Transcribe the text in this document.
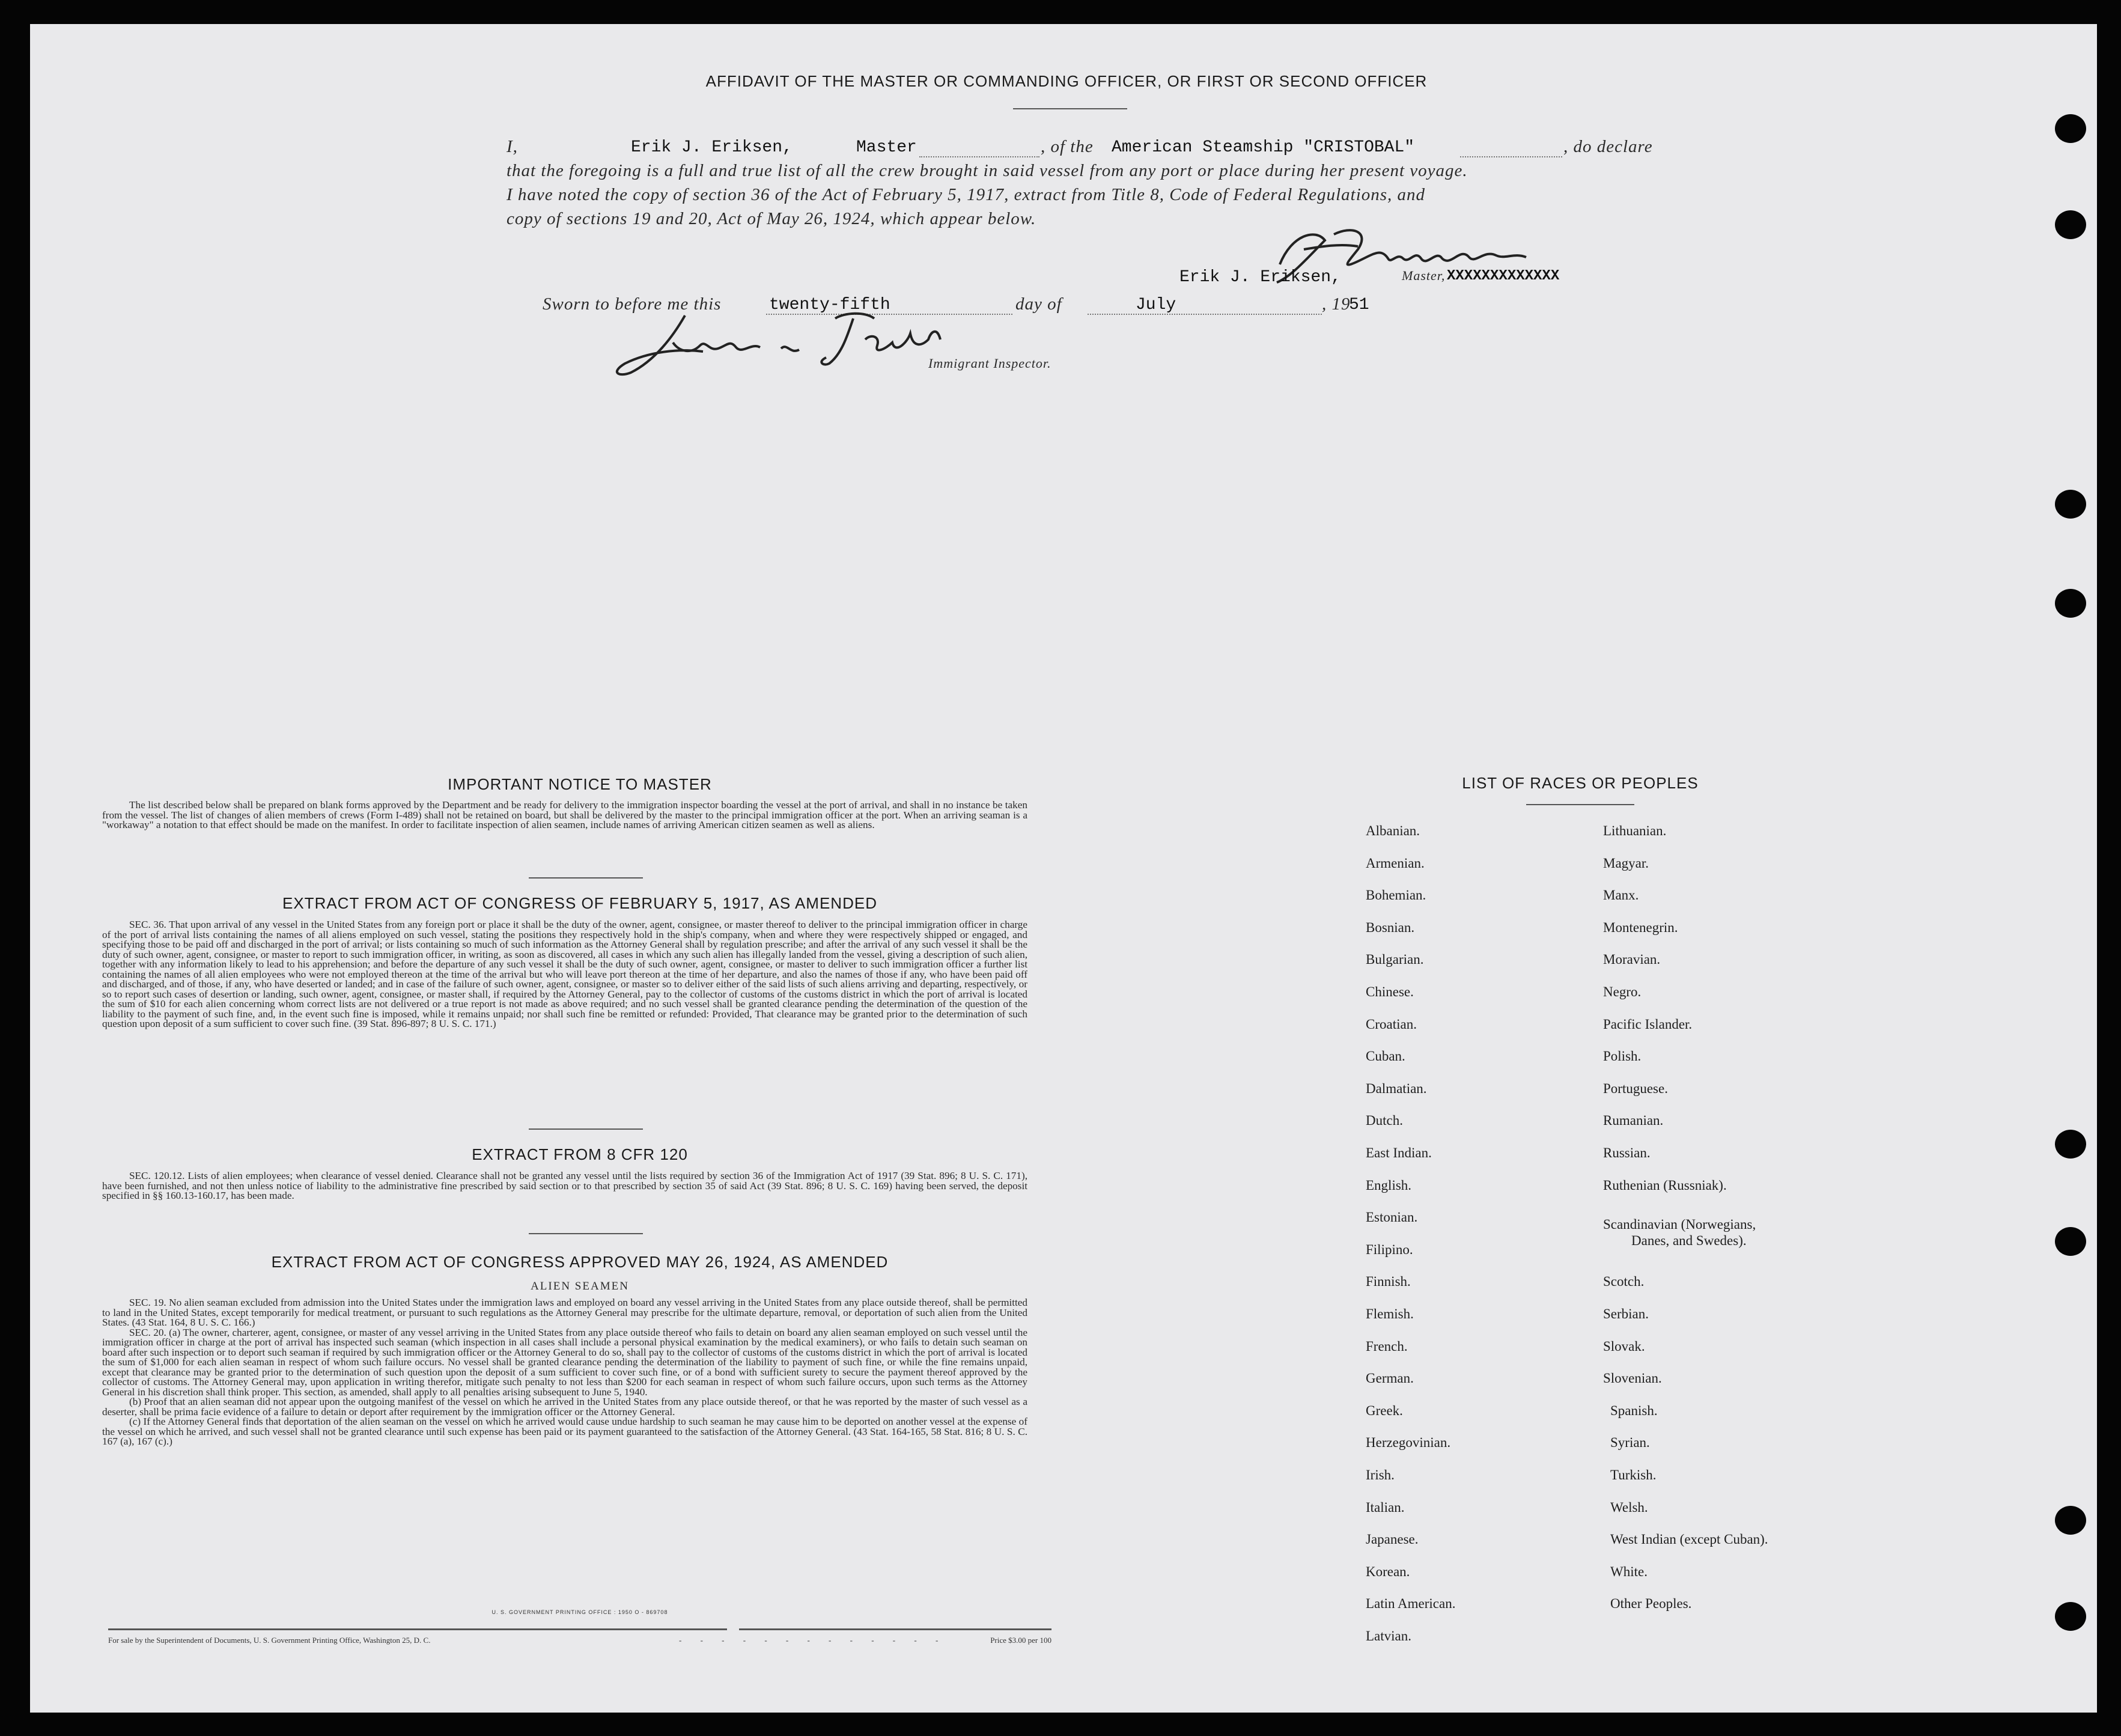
AFFIDAVIT OF THE MASTER OR COMMANDING OFFICER, OR FIRST OR SECOND OFFICER
I,	Erik J. Eriksen,	Master	, of the American Steamship "CRISTOBAL"	, do declare
that the foregoing is a full and true list of all the crew brought in said vessel from any port or place during her present voyage.
I have noted the copy of section 36 of the Act of February 5, 1917, extract from Title 8, Code of Federal Regulations, and
copy of sections 19 and 20, Act of May 26, 1924, which appear below.
Erik J. Eriksen,	Master, XXXXXXXXXXXXX
Sworn to before me this	twenty-fifth	day of	July	, 19
51
Immigrant Inspector.
IMPORTANT NOTICE TO MASTER
The list described below shall be prepared on blank forms approved by the Department and be ready for delivery to the immigration inspector boarding the vessel at the port of arrival, and shall in no instance be taken from the vessel. The list of changes of alien members of crews (Form I-489) shall not be retained on board, but shall be delivered by the master to the principal immigration officer at the port. When an arriving seaman is a "workaway" a notation to that effect should be made on the manifest. In order to facilitate inspection of alien seamen, include names of arriving American citizen seamen as well as aliens.
EXTRACT FROM ACT OF CONGRESS OF FEBRUARY 5, 1917, AS AMENDED
SEC. 36. That upon arrival of any vessel in the United States from any foreign port or place it shall be the duty of the owner, agent, consignee, or master thereof to deliver to the principal immigration officer in charge of the port of arrival lists containing the names of all aliens employed on such vessel, stating the positions they respectively hold in the ship's company, when and where they were respectively shipped or engaged, and specifying those to be paid off and discharged in the port of arrival; or lists containing so much of such information as the Attorney General shall by regulation prescribe; and after the arrival of any such vessel it shall be the duty of such owner, agent, consignee, or master to report to such immigration officer, in writing, as soon as discovered, all cases in which any such alien has illegally landed from the vessel, giving a description of such alien, together with any information likely to lead to his apprehension; and before the departure of any such vessel it shall be the duty of such owner, agent, consignee, or master to deliver to such immigration officer a further list containing the names of all alien employees who were not employed thereon at the time of the arrival but who will leave port thereon at the time of her departure, and also the names of those if any, who have been paid off and discharged, and of those, if any, who have deserted or landed; and in case of the failure of such owner, agent, consignee, or master so to deliver either of the said lists of such aliens arriving and departing, respectively, or so to report such cases of desertion or landing, such owner, agent, consignee, or master shall, if required by the Attorney General, pay to the collector of customs of the customs district in which the port of arrival is located the sum of $10 for each alien concerning whom correct lists are not delivered or a true report is not made as above required; and no such vessel shall be granted clearance pending the determination of the question of the liability to the payment of such fine, and, in the event such fine is imposed, while it remains unpaid; nor shall such fine be remitted or refunded: Provided, That clearance may be granted prior to the determination of such question upon deposit of a sum sufficient to cover such fine. (39 Stat. 896-897; 8 U. S. C. 171.)
EXTRACT FROM 8 CFR 120
SEC. 120.12. Lists of alien employees; when clearance of vessel denied. Clearance shall not be granted any vessel until the lists required by section 36 of the Immigration Act of 1917 (39 Stat. 896; 8 U. S. C. 171), have been furnished, and not then unless notice of liability to the administrative fine prescribed by said section or to that prescribed by section 35 of said Act (39 Stat. 896; 8 U. S. C. 169) having been served, the deposit specified in §§ 160.13-160.17, has been made.
EXTRACT FROM ACT OF CONGRESS APPROVED MAY 26, 1924, AS AMENDED
ALIEN SEAMEN

SEC. 19. No alien seaman excluded from admission into the United States under the immigration laws and employed on board any vessel arriving in the United States from any place outside thereof, shall be permitted to land in the United States, except temporarily for medical treatment, or pursuant to such regulations as the Attorney General may prescribe for the ultimate departure, removal, or deportation of such alien from the United States. (43 Stat. 164, 8 U. S. C. 166.)

SEC. 20. (a) The owner, charterer, agent, consignee, or master of any vessel arriving in the United States from any place outside thereof who fails to detain on board any alien seaman employed on such vessel until the immigration officer in charge at the port of arrival has inspected such seaman (which inspection in all cases shall include a personal physical examination by the medical examiners), or who fails to detain such seaman on board after such inspection or to deport such seaman if required by such immigration officer or the Attorney General to do so, shall pay to the collector of customs of the customs district in which the port of arrival is located the sum of $1,000 for each alien seaman in respect of whom such failure occurs. No vessel shall be granted clearance pending the determination of the liability to payment of such fine, or while the fine remains unpaid, except that clearance may be granted prior to the determination of such question upon the deposit of a sum sufficient to cover such fine, or of a bond with sufficient surety to secure the payment thereof approved by the collector of customs. The Attorney General may, upon application in writing therefor, mitigate such penalty to not less than $200 for each seaman in respect of whom such failure occurs, upon such terms as the Attorney General in his discretion shall think proper. This section, as amended, shall apply to all penalties arising subsequent to June 5, 1940.

(b) Proof that an alien seaman did not appear upon the outgoing manifest of the vessel on which he arrived in the United States from any place outside thereof, or that he was reported by the master of such vessel as a deserter, shall be prima facie evidence of a failure to detain or deport after requirement by the immigration officer or the Attorney General.

(c) If the Attorney General finds that deportation of the alien seaman on the vessel on which he arrived would cause undue hardship to such seaman he may cause him to be deported on another vessel at the expense of the vessel on which he arrived, and such vessel shall not be granted clearance until such expense has been paid or its payment guaranteed to the satisfaction of the Attorney General. (43 Stat. 164-165, 58 Stat. 816; 8 U. S. C. 167 (a), 167 (c).)

U. S. GOVERNMENT PRINTING OFFICE : 1950 O - 869708
For sale by the Superintendent of Documents, U. S. Government Printing Office, Washington 25, D. C.	- - - - - - - - - - - - -	Price $3.00 per 100
LIST OF RACES OR PEOPLES
Albanian.
Armenian.
Bohemian.
Bosnian.
Bulgarian.
Chinese.
Croatian.
Cuban.
Dalmatian.
Dutch.
East Indian.
English.
Estonian.
Filipino.
Finnish.
Flemish.
French.
German.
Greek.
Herzegovinian.
Irish.
Italian.
Japanese.
Korean.
Latin American.
Latvian.
Lithuanian.
Magyar.
Manx.
Montenegrin.
Moravian.
Negro.
Pacific Islander.
Polish.
Portuguese.
Rumanian.
Russian.
Ruthenian (Russniak).
Scandinavian (Norwegians,
Danes, and Swedes).
Scotch.
Serbian.
Slovak.
Slovenian.
Spanish.
Syrian.
Turkish.
Welsh.
West Indian (except Cuban).
White.
Other Peoples.
